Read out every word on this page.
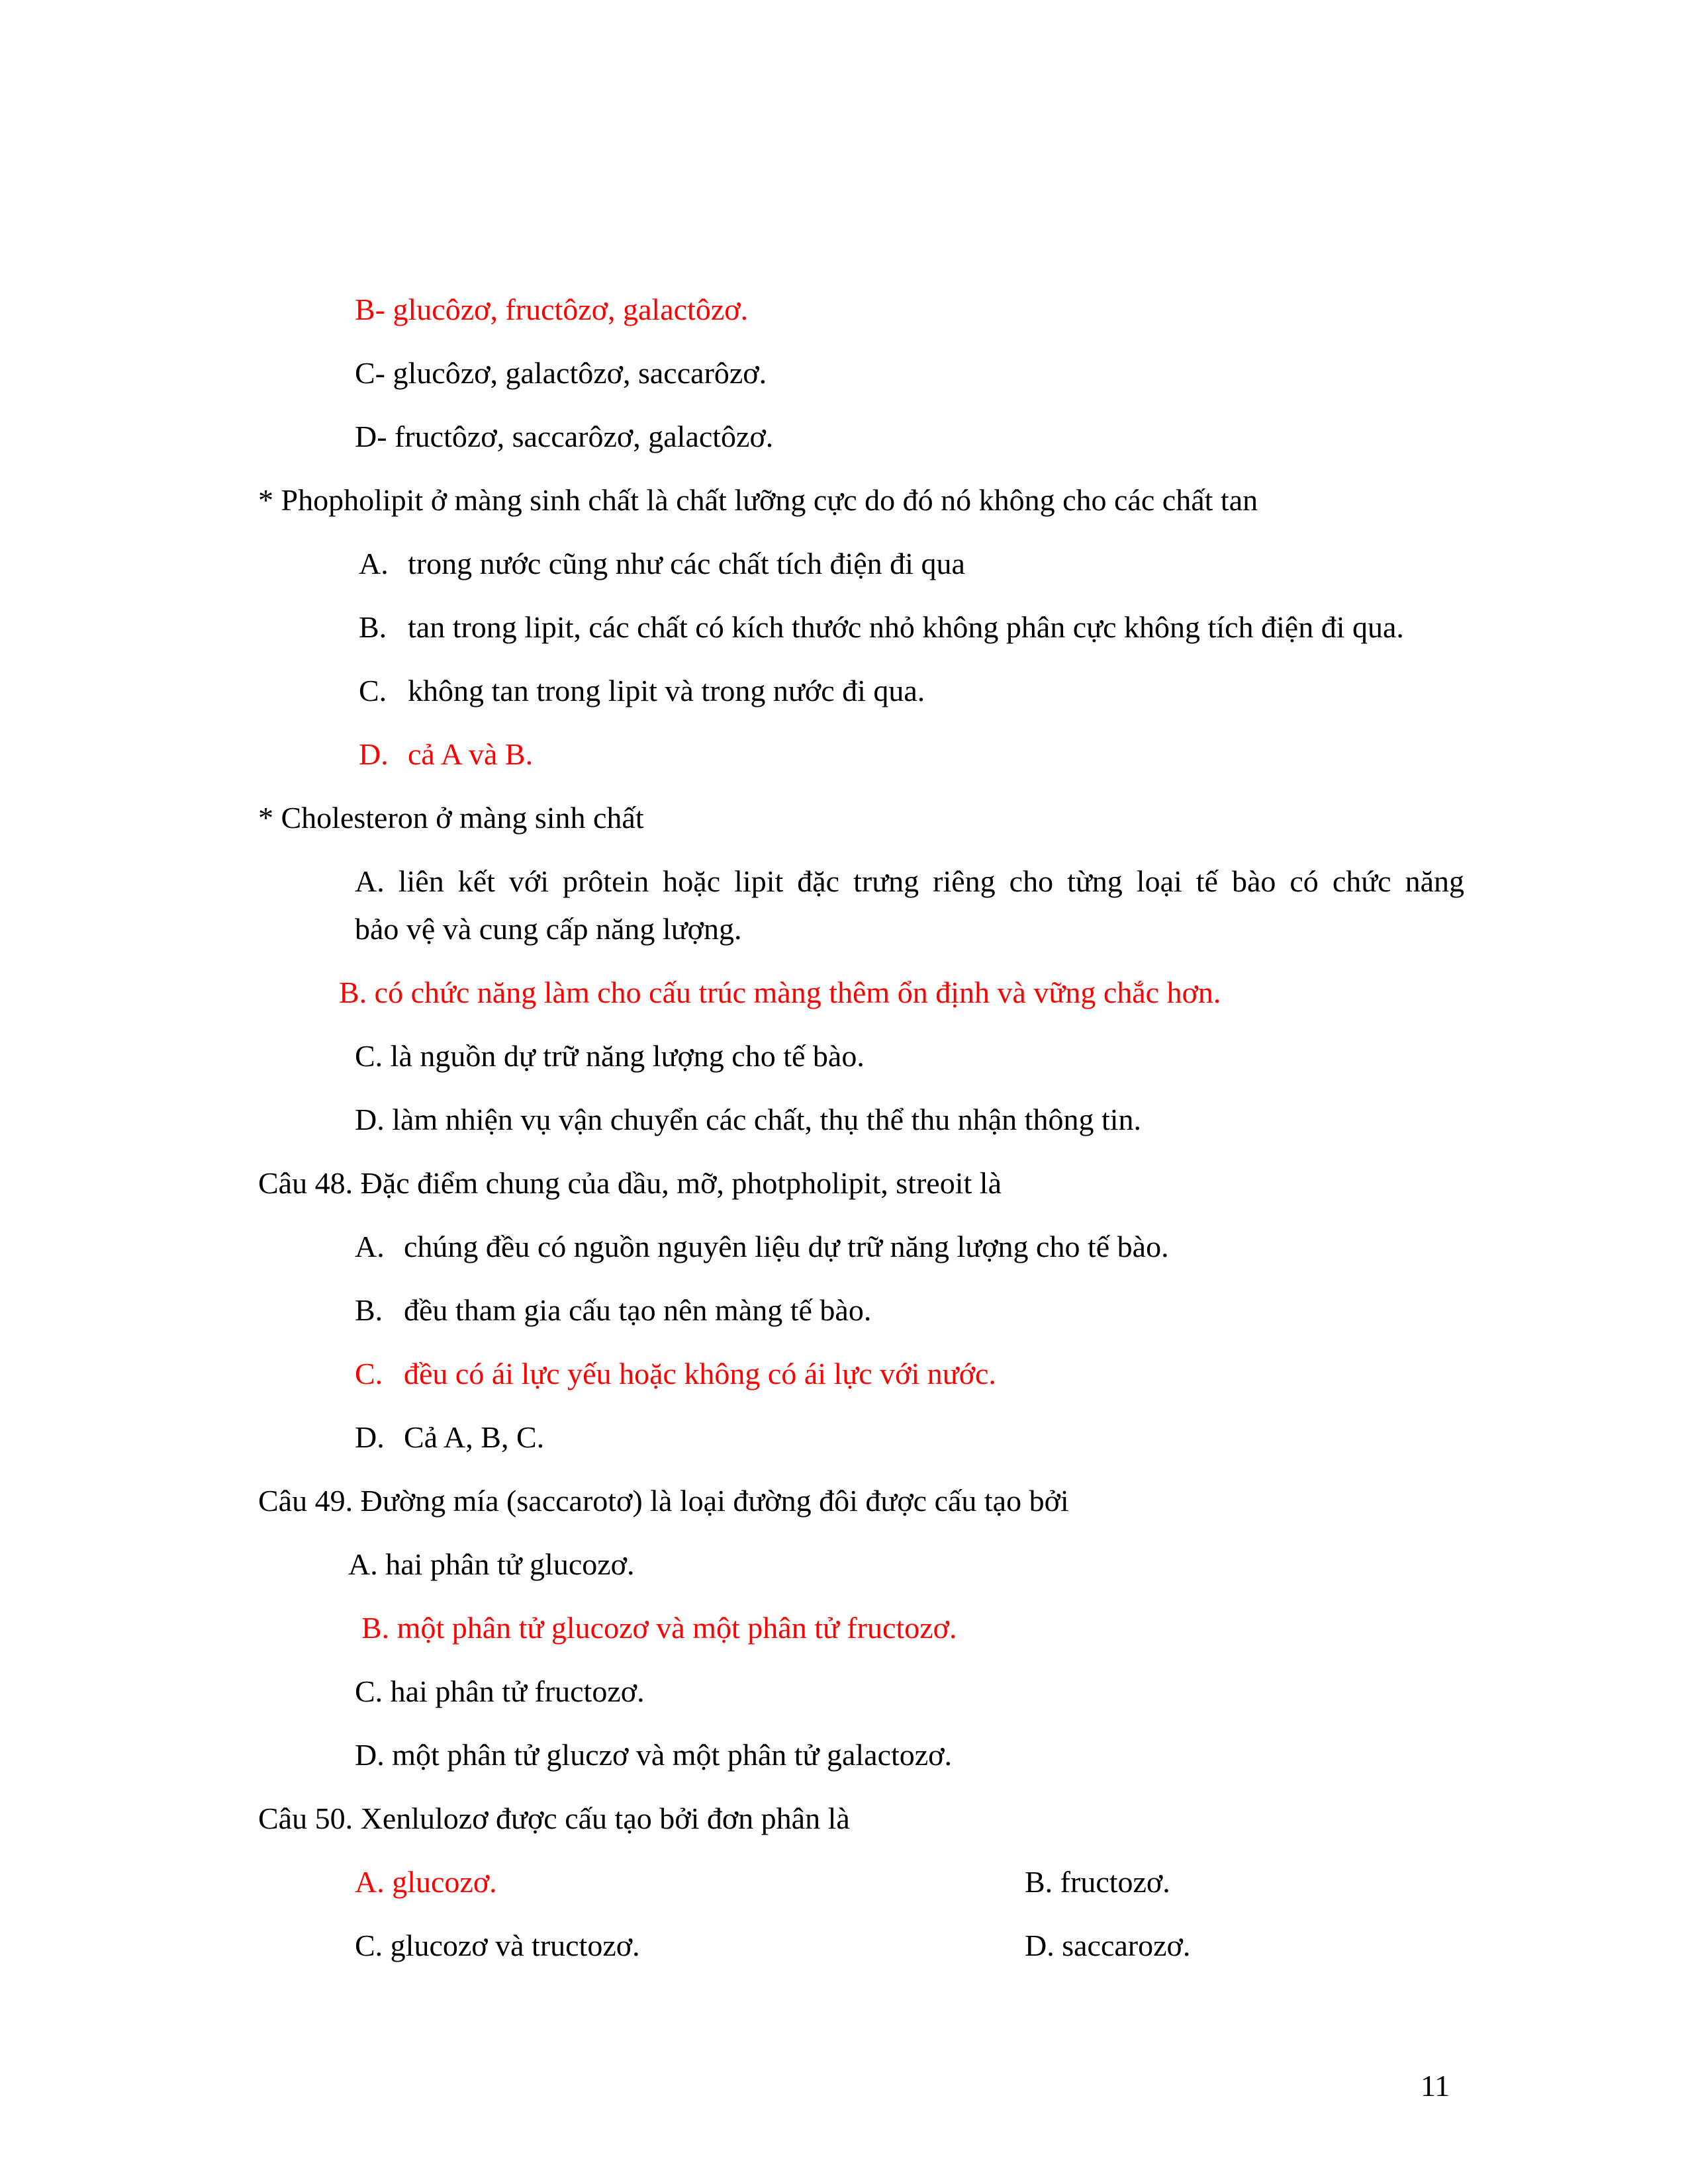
B- glucôzơ, fructôzơ, galactôzơ.
C- glucôzơ, galactôzơ, saccarôzơ.
D- fructôzơ, saccarôzơ, galactôzơ.
* Phopholipit ở màng sinh chất là chất lưỡng cực do đó nó không cho các chất tan
A. trong nước cũng như các chất tích điện đi qua
B. tan trong lipit, các chất có kích thước nhỏ không phân cực không tích điện đi qua.
C. không tan trong lipit và trong nước đi qua.
D. cả A và B.
* Cholesteron ở màng sinh chất
A. liên kết với prôtein hoặc lipit đặc trưng riêng cho từng loại tế bào có chức năng
bảo vệ và cung cấp năng lượng.
B. có chức năng làm cho cấu trúc màng thêm ổn định và vững chắc hơn.
C. là nguồn dự trữ năng lượng cho tế bào.
D. làm nhiện vụ vận chuyển các chất, thụ thể thu nhận thông tin.
Câu 48. Đặc điểm chung của dầu, mỡ, photpholipit, streoit là
A. chúng đều có nguồn nguyên liệu dự trữ năng lượng cho tế bào.
B. đều tham gia cấu tạo nên màng tế bào.
C. đều có ái lực yếu hoặc không có ái lực với nước.
D. Cả A, B, C.
Câu 49. Đường mía (saccarotơ) là loại đường đôi được cấu tạo bởi
A. hai phân tử glucozơ.
B. một phân tử glucozơ và một phân tử fructozơ.
C. hai phân tử fructozơ.
D. một phân tử gluczơ và một phân tử galactozơ.
Câu 50. Xenlulozơ được cấu tạo bởi đơn phân là
A. glucozơ.	B. fructozơ.
C. glucozơ và tructozơ.	D. saccarozơ.
11
